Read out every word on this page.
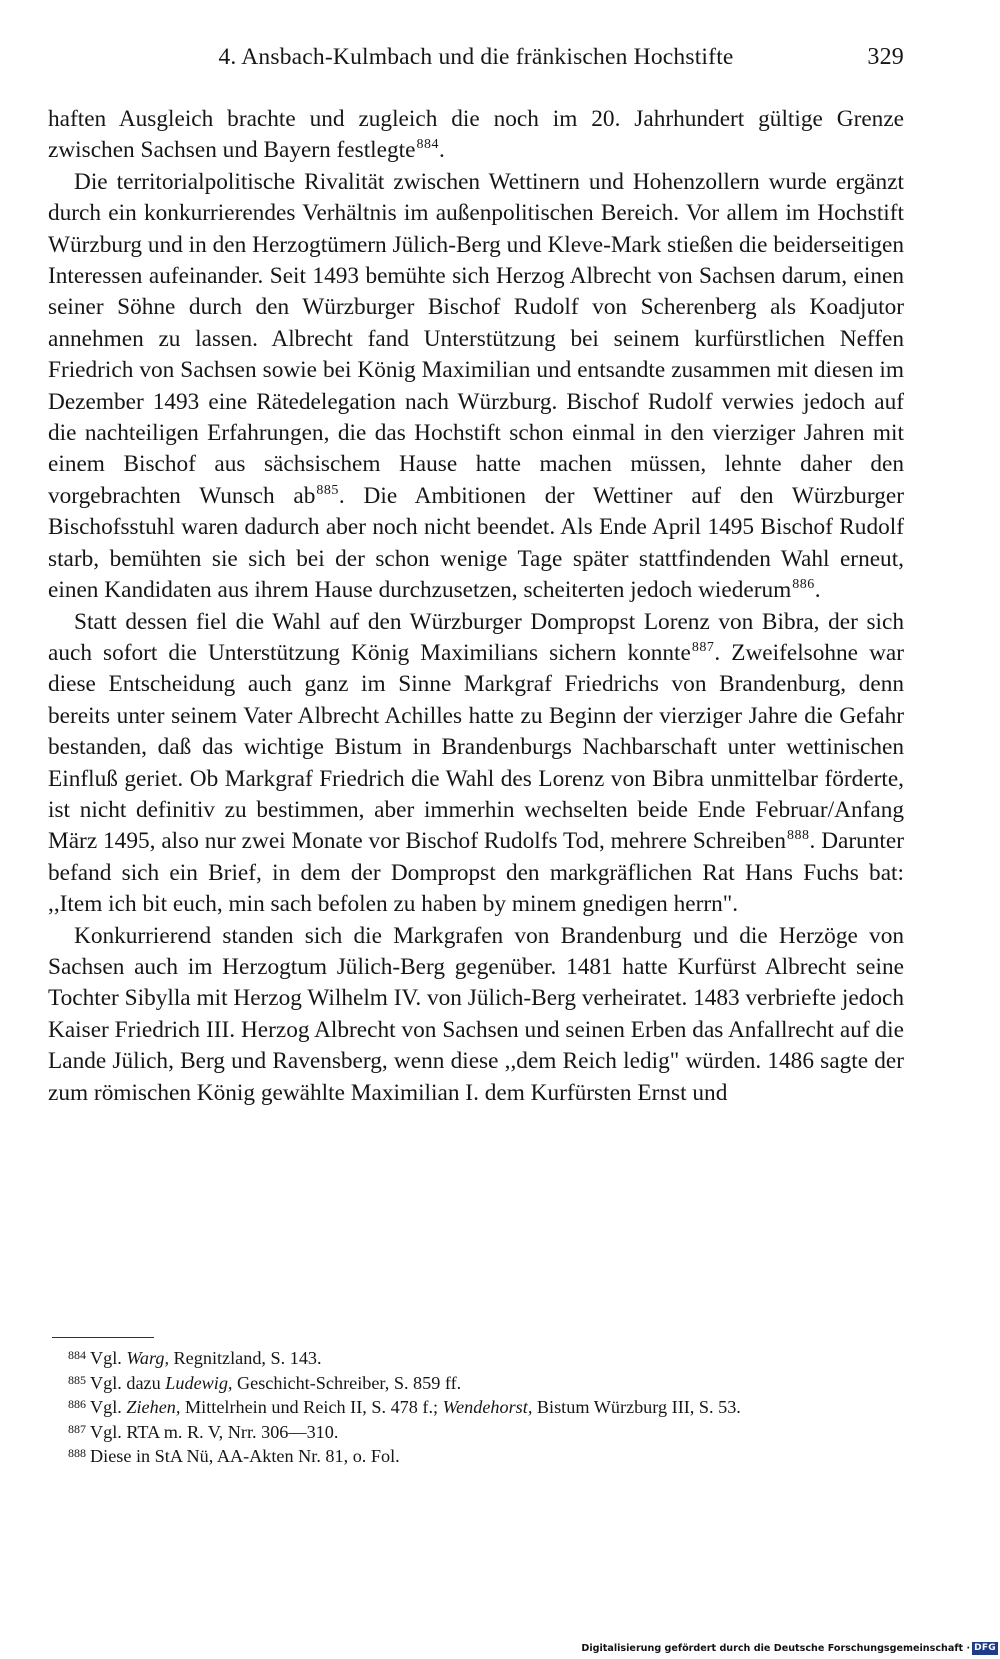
4. Ansbach-Kulmbach und die fränkischen Hochstifte	329

haften Ausgleich brachte und zugleich die noch im 20. Jahrhundert gültige Grenze zwischen Sachsen und Bayern festlegte$^{884}$.

Die territorialpolitische Rivalität zwischen Wettinern und Hohenzollern wurde ergänzt durch ein konkurrierendes Verhältnis im außenpolitischen Bereich. Vor allem im Hochstift Würzburg und in den Herzogtümern Jülich-Berg und Kleve-Mark stießen die beiderseitigen Interessen aufeinander. Seit 1493 bemühte sich Herzog Albrecht von Sachsen darum, einen seiner Söhne durch den Würzburger Bischof Rudolf von Scherenberg als Koadjutor annehmen zu lassen. Albrecht fand Unterstützung bei seinem kurfürstlichen Neffen Friedrich von Sachsen sowie bei König Maximilian und entsandte zusammen mit diesen im Dezember 1493 eine Rätedelegation nach Würzburg. Bischof Rudolf verwies jedoch auf die nachteiligen Erfahrungen, die das Hochstift schon einmal in den vierziger Jahren mit einem Bischof aus sächsischem Hause hatte machen müssen, lehnte daher den vorgebrachten Wunsch ab$^{885}$. Die Ambitionen der Wettiner auf den Würzburger Bischofsstuhl waren dadurch aber noch nicht beendet. Als Ende April 1495 Bischof Rudolf starb, bemühten sie sich bei der schon wenige Tage später stattfindenden Wahl erneut, einen Kandidaten aus ihrem Hause durchzusetzen, scheiterten jedoch wiederum$^{886}$.

Statt dessen fiel die Wahl auf den Würzburger Dompropst Lorenz von Bibra, der sich auch sofort die Unterstützung König Maximilians sichern konnte$^{887}$. Zweifelsohne war diese Entscheidung auch ganz im Sinne Markgraf Friedrichs von Brandenburg, denn bereits unter seinem Vater Albrecht Achilles hatte zu Beginn der vierziger Jahre die Gefahr bestanden, daß das wichtige Bistum in Brandenburgs Nachbarschaft unter wettinischen Einfluß geriet. Ob Markgraf Friedrich die Wahl des Lorenz von Bibra unmittelbar förderte, ist nicht definitiv zu bestimmen, aber immerhin wechselten beide Ende Februar/Anfang März 1495, also nur zwei Monate vor Bischof Rudolfs Tod, mehrere Schreiben$^{888}$. Darunter befand sich ein Brief, in dem der Dompropst den markgräflichen Rat Hans Fuchs bat: ,,Item ich bit euch, min sach befolen zu haben by minem gnedigen herrn".

Konkurrierend standen sich die Markgrafen von Brandenburg und die Herzöge von Sachsen auch im Herzogtum Jülich-Berg gegenüber. 1481 hatte Kurfürst Albrecht seine Tochter Sibylla mit Herzog Wilhelm IV. von Jülich-Berg verheiratet. 1483 verbriefte jedoch Kaiser Friedrich III. Herzog Albrecht von Sachsen und seinen Erben das Anfallrecht auf die Lande Jülich, Berg und Ravensberg, wenn diese ,,dem Reich ledig" würden. 1486 sagte der zum römischen König gewählte Maximilian I. dem Kurfürsten Ernst und

$^{884}$ Vgl. Warg, Regnitzland, S. 143.
$^{885}$ Vgl. dazu Ludewig, Geschicht-Schreiber, S. 859 ff.
$^{886}$ Vgl. Ziehen, Mittelrhein und Reich II, S. 478 f.; Wendehorst, Bistum Würzburg III, S. 53.
$^{887}$ Vgl. RTA m. R. V, Nrr. 306—310.
$^{888}$ Diese in StA Nü, AA-Akten Nr. 81, o. Fol.
Digitalisierung gefördert durch die Deutsche Forschungsgemeinschaft · DFG
